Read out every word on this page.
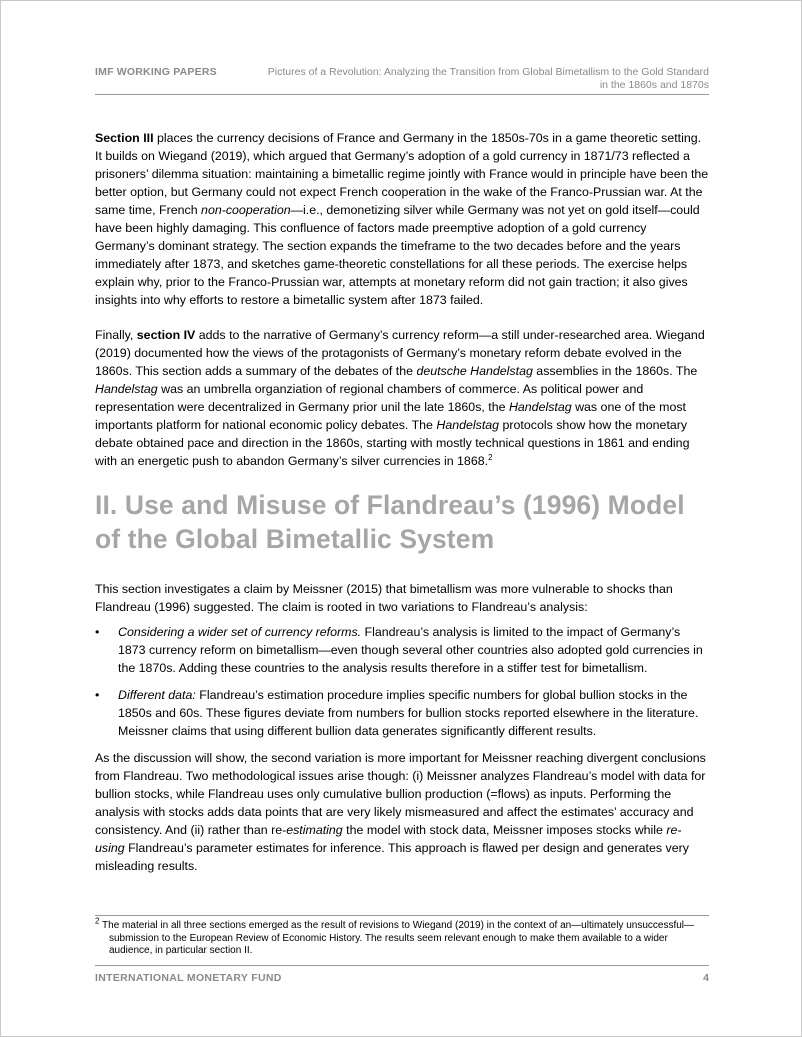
IMF WORKING PAPERS	Pictures of a Revolution: Analyzing the Transition from Global Bimetallism to the Gold Standard
in the 1860s and 1870s

Section III places the currency decisions of France and Germany in the 1850s-70s in a game theoretic setting. It builds on Wiegand (2019), which argued that Germany’s adoption of a gold currency in 1871/73 reflected a prisoners’ dilemma situation: maintaining a bimetallic regime jointly with France would in principle have been the better option, but Germany could not expect French cooperation in the wake of the Franco-Prussian war. At the same time, French non-cooperation—i.e., demonetizing silver while Germany was not yet on gold itself—could have been highly damaging. This confluence of factors made preemptive adoption of a gold currency Germany’s dominant strategy. The section expands the timeframe to the two decades before and the years immediately after 1873, and sketches game-theoretic constellations for all these periods. The exercise helps explain why, prior to the Franco-Prussian war, attempts at monetary reform did not gain traction; it also gives insights into why efforts to restore a bimetallic system after 1873 failed.

Finally, section IV adds to the narrative of Germany’s currency reform—a still under-researched area. Wiegand (2019) documented how the views of the protagonists of Germany’s monetary reform debate evolved in the 1860s. This section adds a summary of the debates of the deutsche Handelstag assemblies in the 1860s. The Handelstag was an umbrella organziation of regional chambers of commerce. As political power and representation were decentralized in Germany prior unil the late 1860s, the Handelstag was one of the most importants platform for national economic policy debates. The Handelstag protocols show how the monetary debate obtained pace and direction in the 1860s, starting with mostly technical questions in 1861 and ending with an energetic push to abandon Germany’s silver currencies in 1868.$^2$

II. Use and Misuse of Flandreau’s (1996) Model of the Global Bimetallic System

This section investigates a claim by Meissner (2015) that bimetallism was more vulnerable to shocks than Flandreau (1996) suggested. The claim is rooted in two variations to Flandreau’s analysis:

• Considering a wider set of currency reforms. Flandreau’s analysis is limited to the impact of Germany’s 1873 currency reform on bimetallism—even though several other countries also adopted gold currencies in the 1870s. Adding these countries to the analysis results therefore in a stiffer test for bimetallism.
• Different data: Flandreau’s estimation procedure implies specific numbers for global bullion stocks in the 1850s and 60s. These figures deviate from numbers for bullion stocks reported elsewhere in the literature. Meissner claims that using different bullion data generates significantly different results.

As the discussion will show, the second variation is more important for Meissner reaching divergent conclusions from Flandreau. Two methodological issues arise though: (i) Meissner analyzes Flandreau’s model with data for bullion stocks, while Flandreau uses only cumulative bullion production (=flows) as inputs. Performing the analysis with stocks adds data points that are very likely mismeasured and affect the estimates’ accuracy and consistency. And (ii) rather than re-estimating the model with stock data, Meissner imposes stocks while re-using Flandreau’s parameter estimates for inference. This approach is flawed per design and generates very misleading results.

$^2$ The material in all three sections emerged as the result of revisions to Wiegand (2019) in the context of an—ultimately unsuccessful— submission to the European Review of Economic History. The results seem relevant enough to make them available to a wider audience, in particular section II.
INTERNATIONAL MONETARY FUND	4
